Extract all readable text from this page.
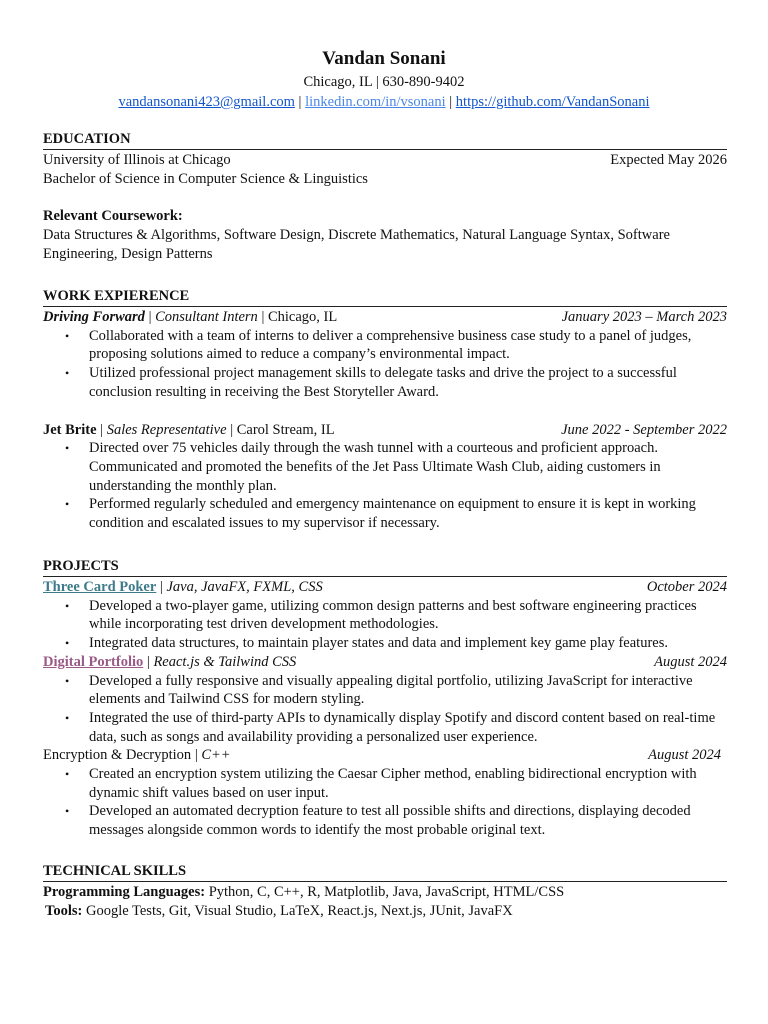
Vandan Sonani
Chicago, IL | 630-890-9402
vandansonani423@gmail.com | linkedin.com/in/vsonani | https://github.com/VandanSonani
EDUCATION
University of Illinois at Chicago	Expected May 2026
Bachelor of Science in Computer Science & Linguistics
Relevant Coursework:
Data Structures & Algorithms, Software Design, Discrete Mathematics, Natural Language Syntax, Software Engineering, Design Patterns
WORK EXPIERENCE
Driving Forward | Consultant Intern | Chicago, IL	January 2023 – March 2023
• Collaborated with a team of interns to deliver a comprehensive business case study to a panel of judges, proposing solutions aimed to reduce a company’s environmental impact.
• Utilized professional project management skills to delegate tasks and drive the project to a successful conclusion resulting in receiving the Best Storyteller Award.
Jet Brite | Sales Representative | Carol Stream, IL	June 2022 - September 2022
• Directed over 75 vehicles daily through the wash tunnel with a courteous and proficient approach. Communicated and promoted the benefits of the Jet Pass Ultimate Wash Club, aiding customers in understanding the monthly plan.
• Performed regularly scheduled and emergency maintenance on equipment to ensure it is kept in working condition and escalated issues to my supervisor if necessary.
PROJECTS
Three Card Poker | Java, JavaFX, FXML, CSS	October 2024
• Developed a two-player game, utilizing common design patterns and best software engineering practices while incorporating test driven development methodologies.
• Integrated data structures, to maintain player states and data and implement key game play features.
Digital Portfolio | React.js & Tailwind CSS	August 2024
• Developed a fully responsive and visually appealing digital portfolio, utilizing JavaScript for interactive elements and Tailwind CSS for modern styling.
• Integrated the use of third-party APIs to dynamically display Spotify and discord content based on real-time data, such as songs and availability providing a personalized user experience.
Encryption & Decryption | C++	August 2024
• Created an encryption system utilizing the Caesar Cipher method, enabling bidirectional encryption with dynamic shift values based on user input.
• Developed an automated decryption feature to test all possible shifts and directions, displaying decoded messages alongside common words to identify the most probable original text.
TECHNICAL SKILLS
Programming Languages: Python, C, C++, R, Matplotlib, Java, JavaScript, HTML/CSS
Tools: Google Tests, Git, Visual Studio, LaTeX, React.js, Next.js, JUnit, JavaFX
